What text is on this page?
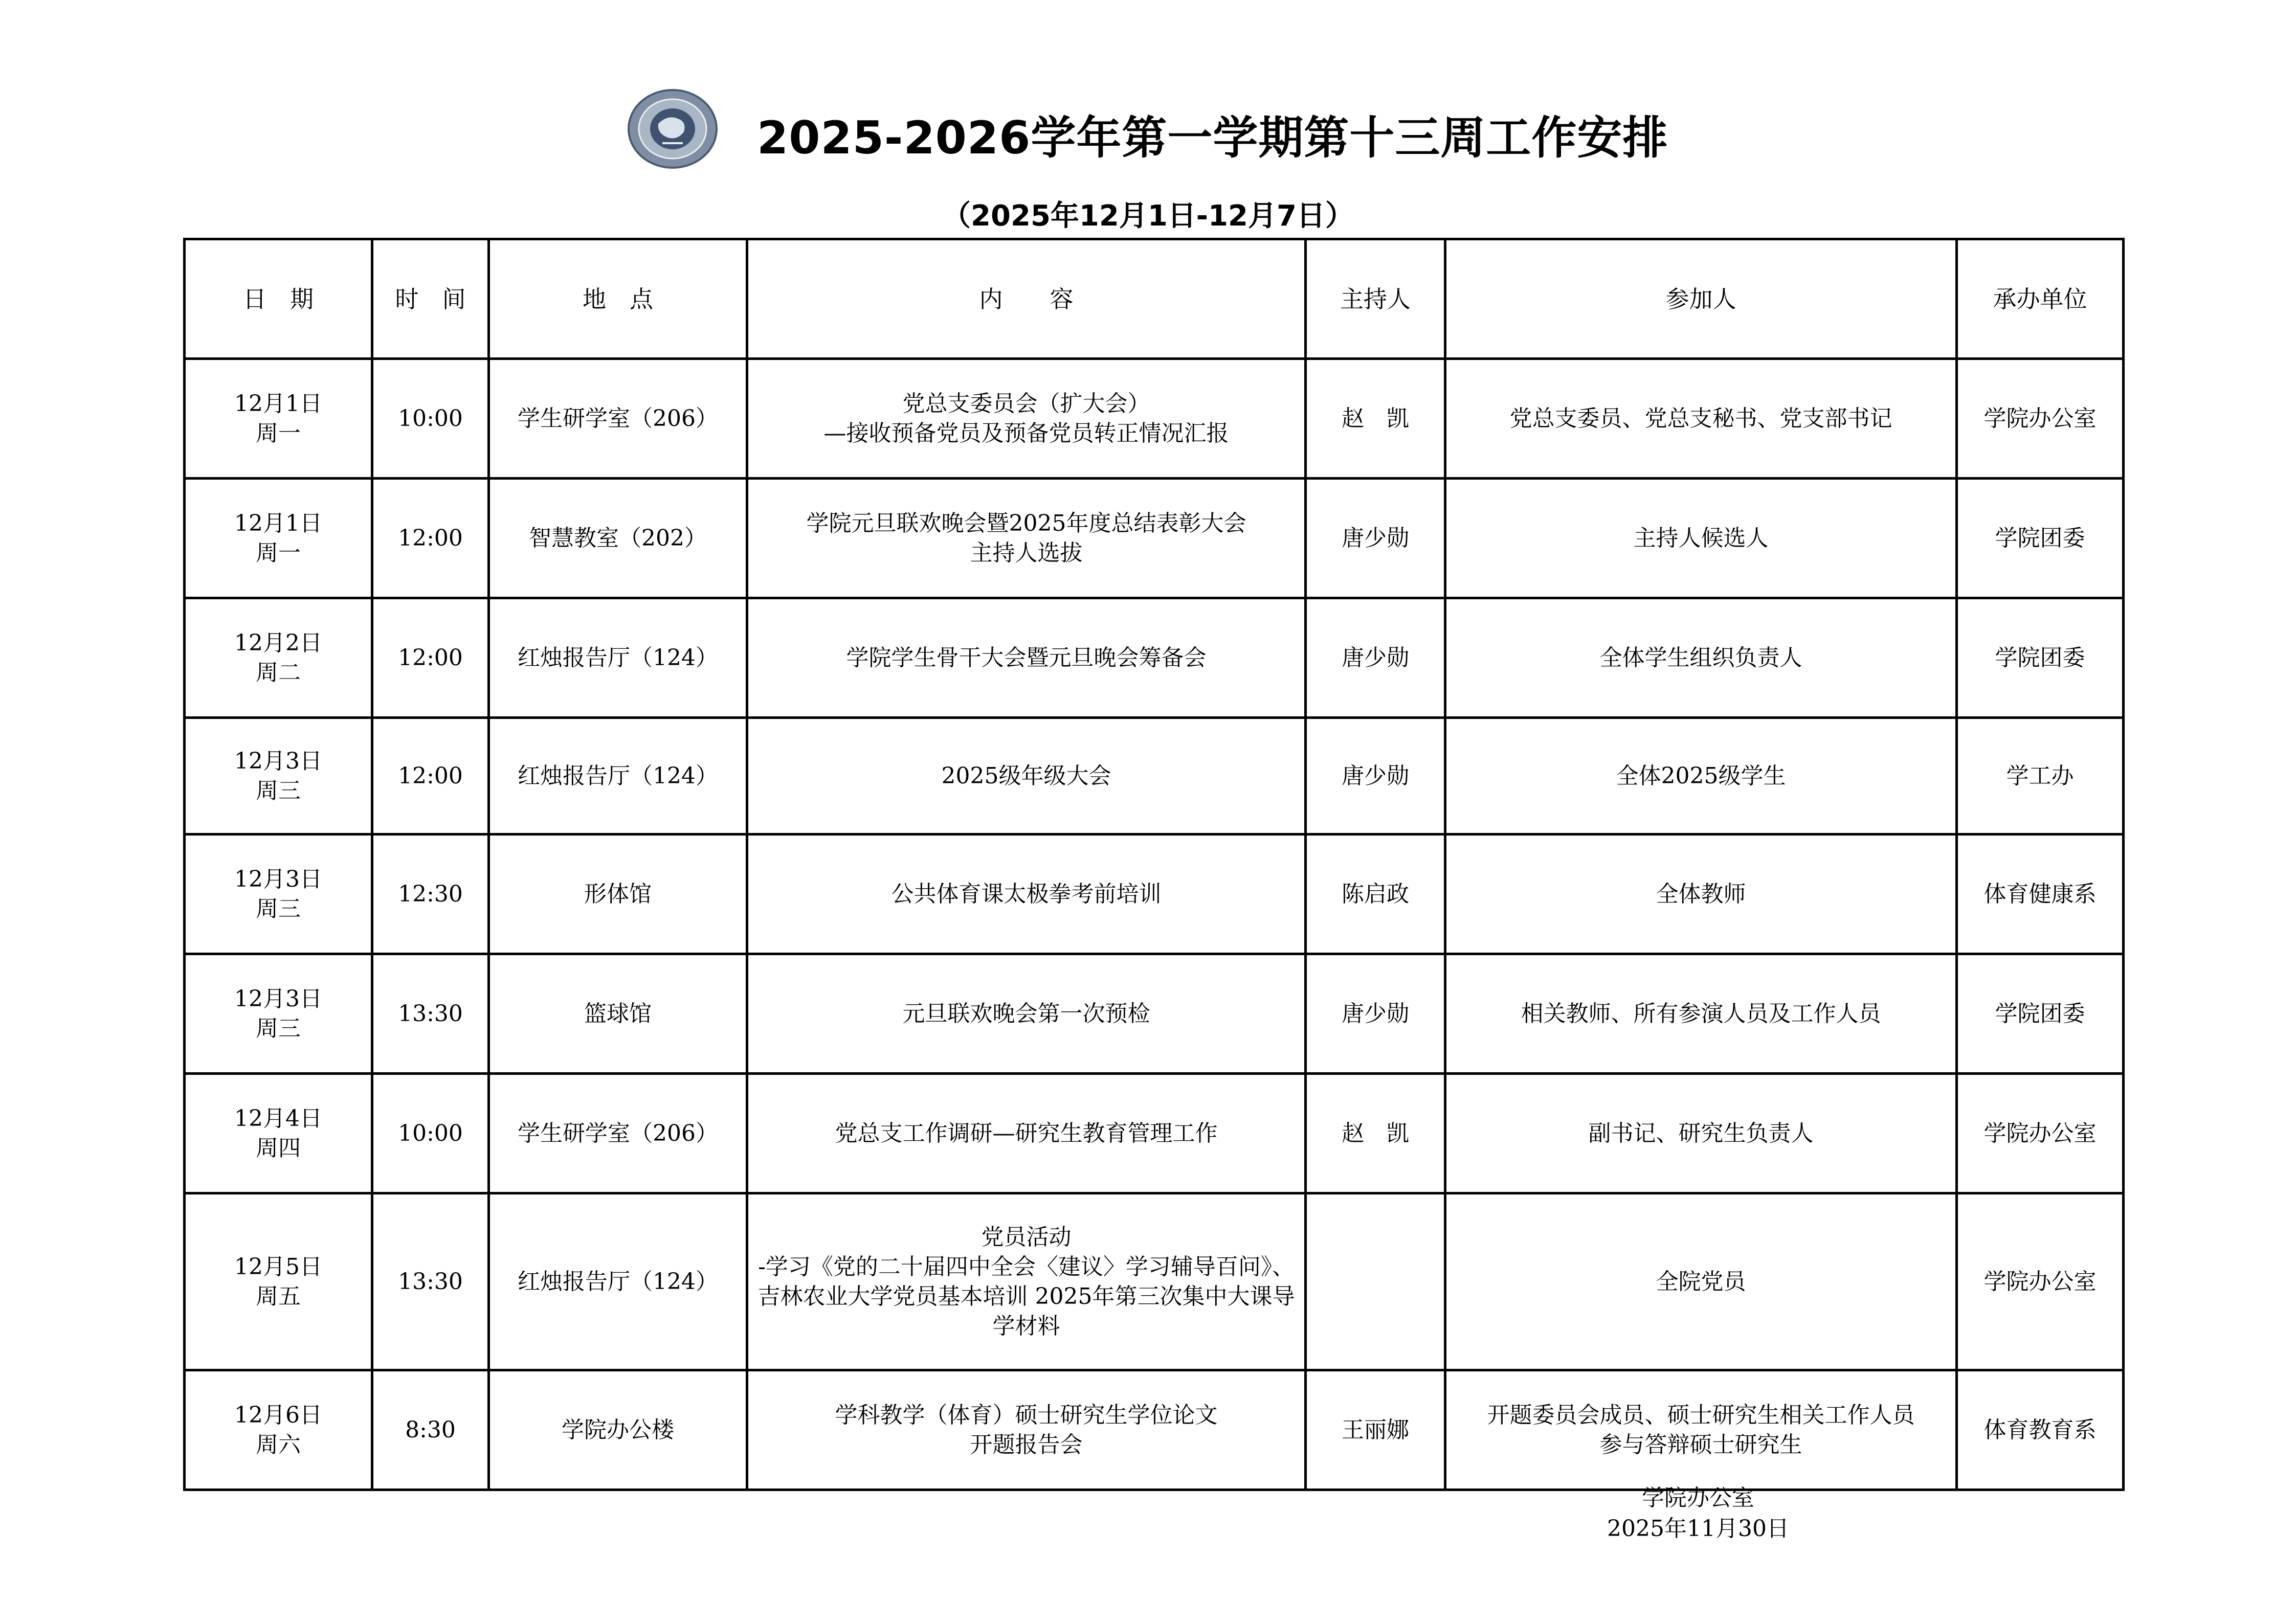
2025-2026学年第一学期第十三周工作安排
（2025年12月1日-12月7日）
日　期	时　间	地　点	内　　容	主持人	参加人	承办单位

12月1日
周一	10:00	学生研学室（206）	党总支委员会（扩大会）
—接收预备党员及预备党员转正情况汇报	赵　凯	党总支委员、党总支秘书、党支部书记	学院办公室

12月1日
周一	12:00	智慧教室（202）	学院元旦联欢晚会暨2025年度总结表彰大会
主持人选拔	唐少勋	主持人候选人	学院团委

12月2日
周二	12:00	红烛报告厅（124）	学院学生骨干大会暨元旦晚会筹备会	唐少勋	全体学生组织负责人	学院团委

12月3日
周三	12:00	红烛报告厅（124）	2025级年级大会	唐少勋	全体2025级学生	学工办

12月3日
周三	12:30	形体馆	公共体育课太极拳考前培训	陈启政	全体教师	体育健康系

12月3日
周三	13:30	篮球馆	元旦联欢晚会第一次预检	唐少勋	相关教师、所有参演人员及工作人员	学院团委

12月4日
周四	10:00	学生研学室（206）	党总支工作调研—研究生教育管理工作	赵　凯	副书记、研究生负责人	学院办公室

12月5日
周五	13:30	红烛报告厅（124）	党员活动
-学习《党的二十届四中全会〈建议〉学习辅导百问》、吉林农业大学党员基本培训 2025年第三次集中大课导学材料		全院党员	学院办公室

12月6日
周六	8:30	学院办公楼	学科教学（体育）硕士研究生学位论文
开题报告会	王丽娜	开题委员会成员、硕士研究生相关工作人员
参与答辩硕士研究生	体育教育系
学院办公室
2025年11月30日
